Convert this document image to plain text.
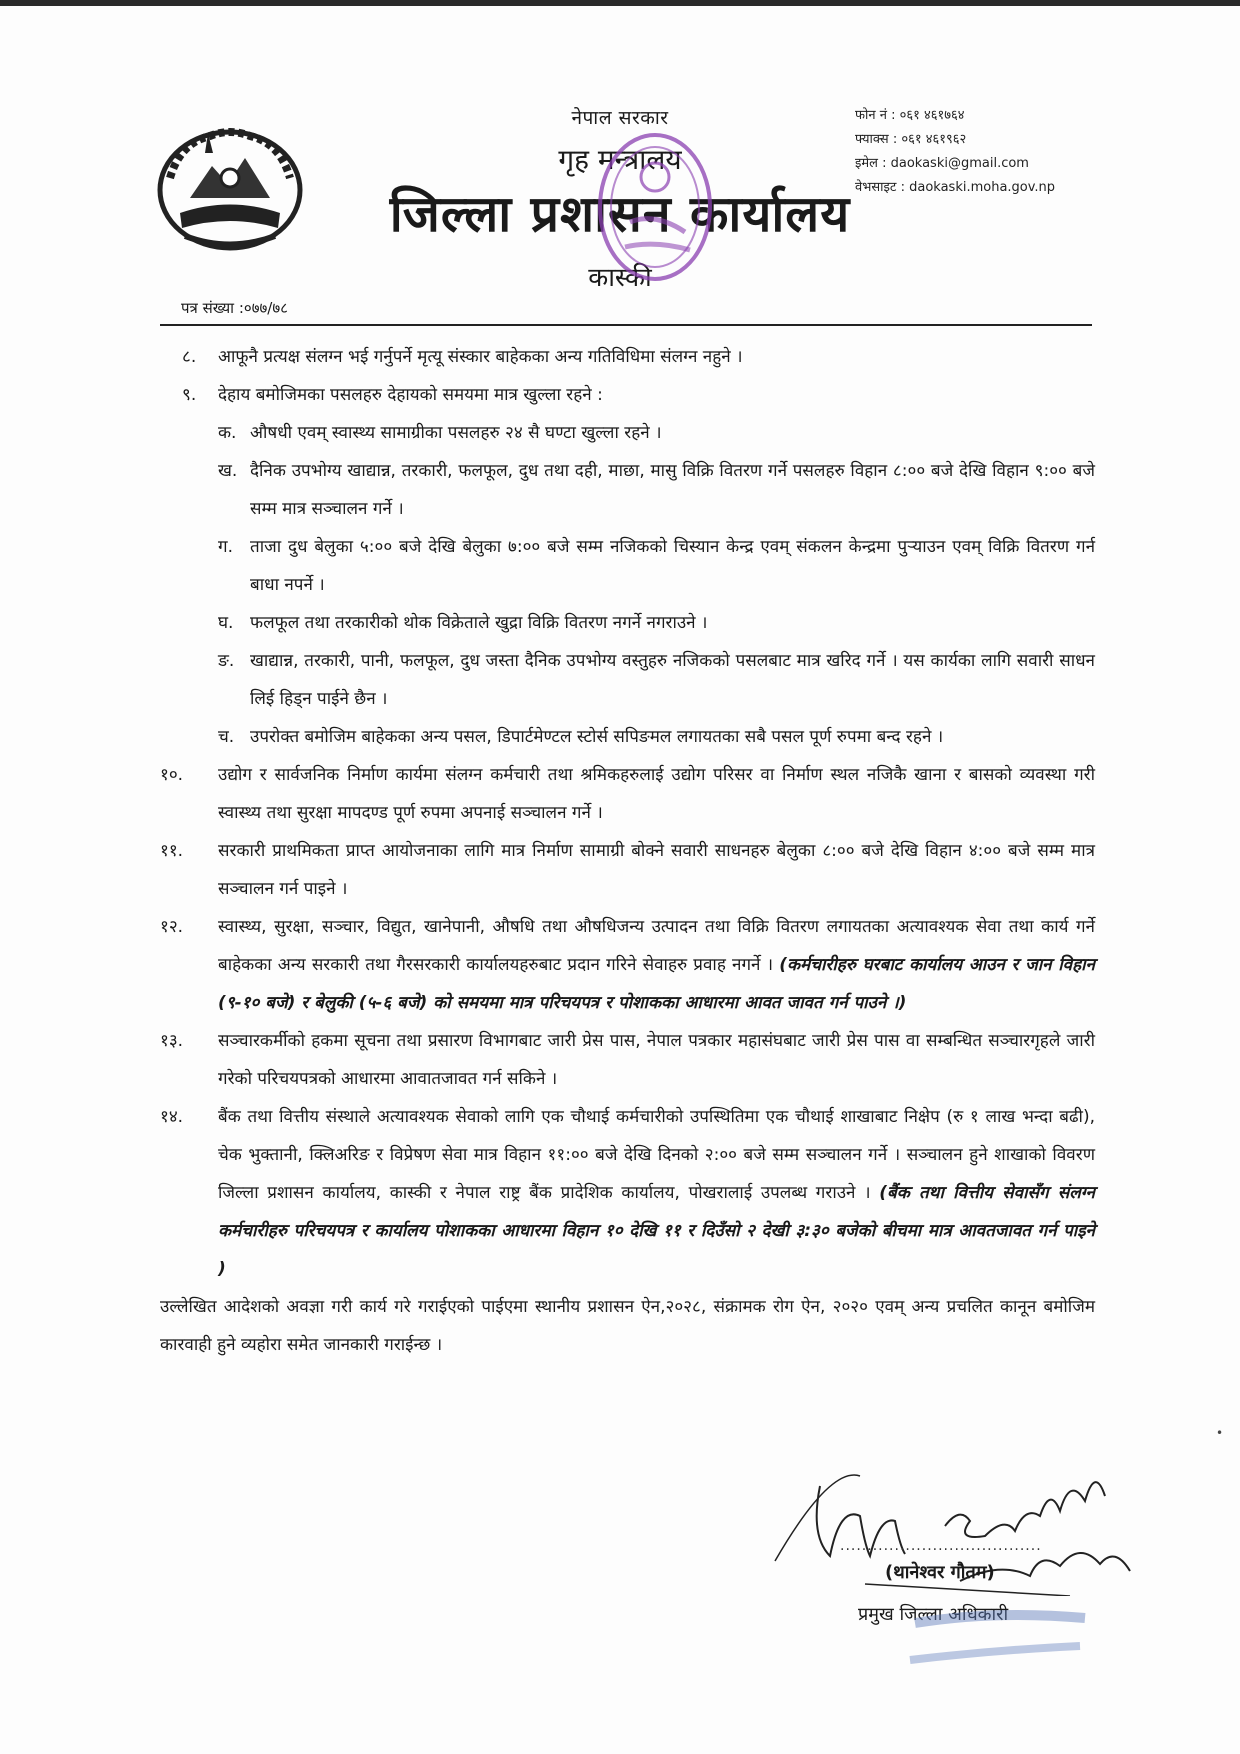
नेपाल सरकार
गृह मन्त्रालय
जिल्ला प्रशासन कार्यालय
कास्की
फोन नं : ०६१ ४६१७६४
फ्याक्स : ०६१ ४६१९६२
इमेल : daokaski@gmail.com
वेभसाइट : daokaski.moha.gov.np
पत्र संख्या :०७७/७८
८. आफूनै प्रत्यक्ष संलग्न भई गर्नुपर्ने मृत्यू संस्कार बाहेकका अन्य गतिविधिमा संलग्न नहुने ।
९. देहाय बमोजिमका पसलहरु देहायको समयमा मात्र खुल्ला रहने :
क. औषधी एवम् स्वास्थ्य सामाग्रीका पसलहरु २४ सै घण्टा खुल्ला रहने ।
ख. दैनिक उपभोग्य खाद्यान्न, तरकारी, फलफूल, दुध तथा दही, माछा, मासु विक्रि वितरण गर्ने पसलहरु विहान ८:०० बजे देखि विहान ९:०० बजे सम्म मात्र सञ्चालन गर्ने ।
ग. ताजा दुध बेलुका ५:०० बजे देखि बेलुका ७:०० बजे सम्म नजिकको चिस्यान केन्द्र एवम् संकलन केन्द्रमा पुर्‍याउन एवम् विक्रि वितरण गर्न बाधा नपर्ने ।
घ. फलफूल तथा तरकारीको थोक विक्रेताले खुद्रा विक्रि वितरण नगर्ने नगराउने ।
ङ. खाद्यान्न, तरकारी, पानी, फलफूल, दुध जस्ता दैनिक उपभोग्य वस्तुहरु नजिकको पसलबाट मात्र खरिद गर्ने । यस कार्यका लागि सवारी साधन लिई हिड्न पाईने छैन ।
च. उपरोक्त बमोजिम बाहेकका अन्य पसल, डिपार्टमेण्टल स्टोर्स सपिङमल लगायतका सबै पसल पूर्ण रुपमा बन्द रहने ।
१०. उद्योग र सार्वजनिक निर्माण कार्यमा संलग्न कर्मचारी तथा श्रमिकहरुलाई उद्योग परिसर वा निर्माण स्थल नजिकै खाना र बासको व्यवस्था गरी स्वास्थ्य तथा सुरक्षा मापदण्ड पूर्ण रुपमा अपनाई सञ्चालन गर्ने ।
११. सरकारी प्राथमिकता प्राप्त आयोजनाका लागि मात्र निर्माण सामाग्री बोक्ने सवारी साधनहरु बेलुका ८:०० बजे देखि विहान ४:०० बजे सम्म मात्र सञ्चालन गर्न पाइने ।
१२. स्वास्थ्य, सुरक्षा, सञ्चार, विद्युत, खानेपानी, औषधि तथा औषधिजन्य उत्पादन तथा विक्रि वितरण लगायतका अत्यावश्यक सेवा तथा कार्य गर्ने बाहेकका अन्य सरकारी तथा गैरसरकारी कार्यालयहरुबाट प्रदान गरिने सेवाहरु प्रवाह नगर्ने । (कर्मचारीहरु घरबाट कार्यालय आउन र जान विहान (९-१० बजे) र बेलुकी (५-६ बजे) को समयमा मात्र परिचयपत्र र पोशाकका आधारमा आवत जावत गर्न पाउने ।)
१३. सञ्चारकर्मीको हकमा सूचना तथा प्रसारण विभागबाट जारी प्रेस पास, नेपाल पत्रकार महासंघबाट जारी प्रेस पास वा सम्बन्धित सञ्चारगृहले जारी गरेको परिचयपत्रको आधारमा आवातजावत गर्न सकिने ।
१४. बैंक तथा वित्तीय संस्थाले अत्यावश्यक सेवाको लागि एक चौथाई कर्मचारीको उपस्थितिमा एक चौथाई शाखाबाट निक्षेप (रु १ लाख भन्दा बढी), चेक भुक्तानी, क्लिअरिङ र विप्रेषण सेवा मात्र विहान ११:०० बजे देखि दिनको २:०० बजे सम्म सञ्चालन गर्ने । सञ्चालन हुने शाखाको विवरण जिल्ला प्रशासन कार्यालय, कास्की र नेपाल राष्ट्र बैंक प्रादेशिक कार्यालय, पोखरालाई उपलब्ध गराउने । (बैंक तथा वित्तीय सेवासँग संलग्न कर्मचारीहरु परिचयपत्र र कार्यालय पोशाकका आधारमा विहान १० देखि ११ र दिउँसो २ देखी ३:३० बजेको बीचमा मात्र आवतजावत गर्न पाइने )
उल्लेखित आदेशको अवज्ञा गरी कार्य गरे गराईएको पाईएमा स्थानीय प्रशासन ऐन,२०२८, संक्रामक रोग ऐन, २०२० एवम् अन्य प्रचलित कानून बमोजिम कारवाही हुने व्यहोरा समेत जानकारी गराईन्छ ।
.....................................
(थानेश्वर गौतम)
प्रमुख जिल्ला अधिकारी
•
